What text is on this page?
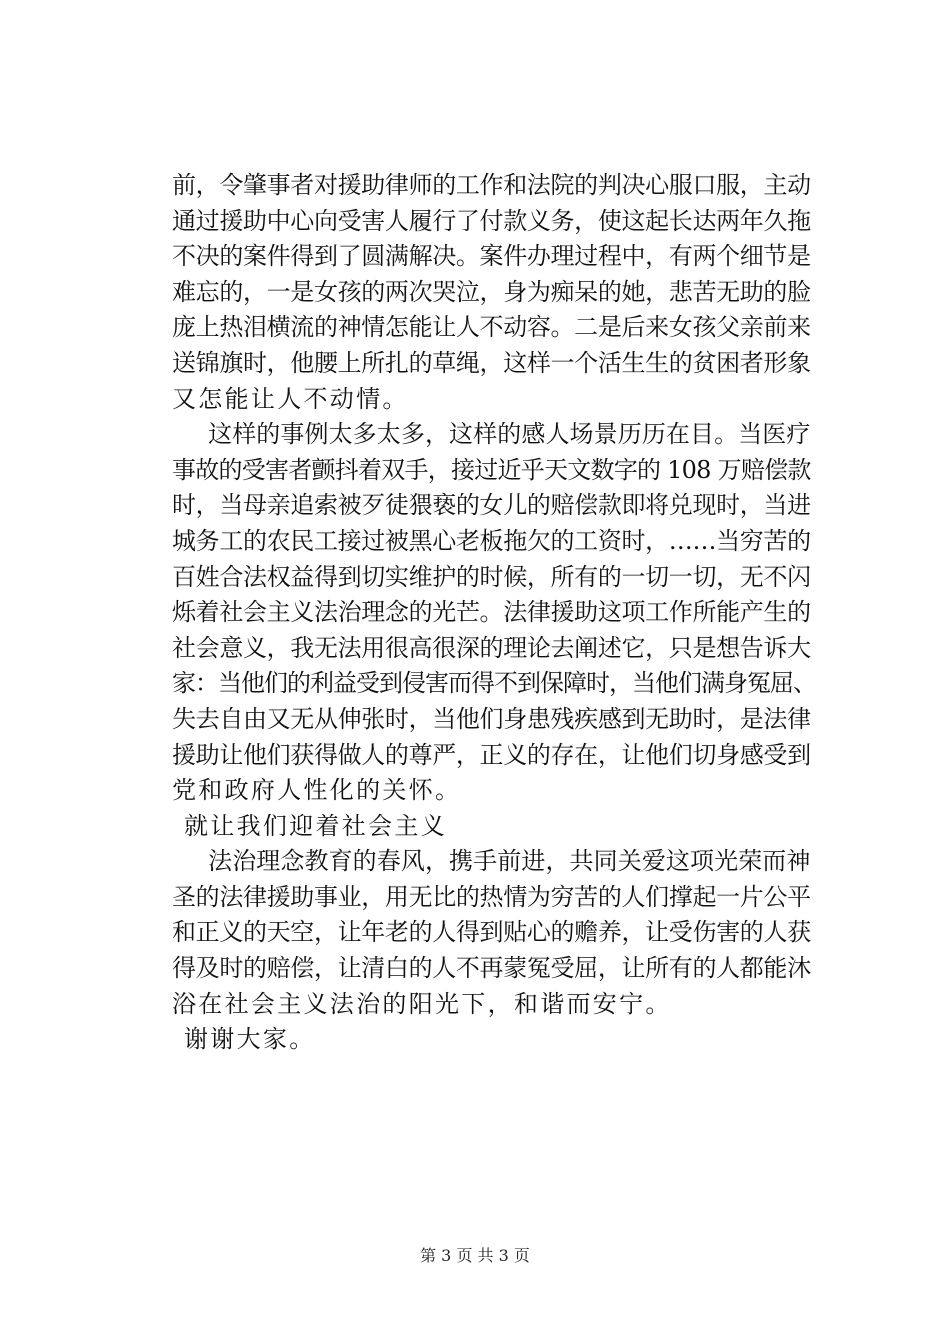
前，令肇事者对援助律师的工作和法院的判决心服口服，主动

通过援助中心向受害人履行了付款义务，使这起长达两年久拖

不决的案件得到了圆满解决。案件办理过程中，有两个细节是

难忘的，一是女孩的两次哭泣，身为痴呆的她，悲苦无助的脸

庞上热泪横流的神情怎能让人不动容。二是后来女孩父亲前来

送锦旗时，他腰上所扎的草绳，这样一个活生生的贫困者形象

又怎能让人不动情。

　这样的事例太多太多，这样的感人场景历历在目。当医疗

事故的受害者颤抖着双手，接过近乎天文数字的 108 万赔偿款

时，当母亲追索被歹徒猥亵的女儿的赔偿款即将兑现时，当进

城务工的农民工接过被黑心老板拖欠的工资时，……当穷苦的

百姓合法权益得到切实维护的时候，所有的一切一切，无不闪

烁着社会主义法治理念的光芒。法律援助这项工作所能产生的

社会意义，我无法用很高很深的理论去阐述它，只是想告诉大

家：当他们的利益受到侵害而得不到保障时，当他们满身冤屈、

失去自由又无从伸张时，当他们身患残疾感到无助时，是法律

援助让他们获得做人的尊严，正义的存在，让他们切身感受到

党和政府人性化的关怀。

就让我们迎着社会主义

　法治理念教育的春风，携手前进，共同关爱这项光荣而神

圣的法律援助事业，用无比的热情为穷苦的人们撑起一片公平

和正义的天空，让年老的人得到贴心的赡养，让受伤害的人获

得及时的赔偿，让清白的人不再蒙冤受屈，让所有的人都能沐

浴在社会主义法治的阳光下，和谐而安宁。

谢谢大家。

第 3 页 共 3 页
